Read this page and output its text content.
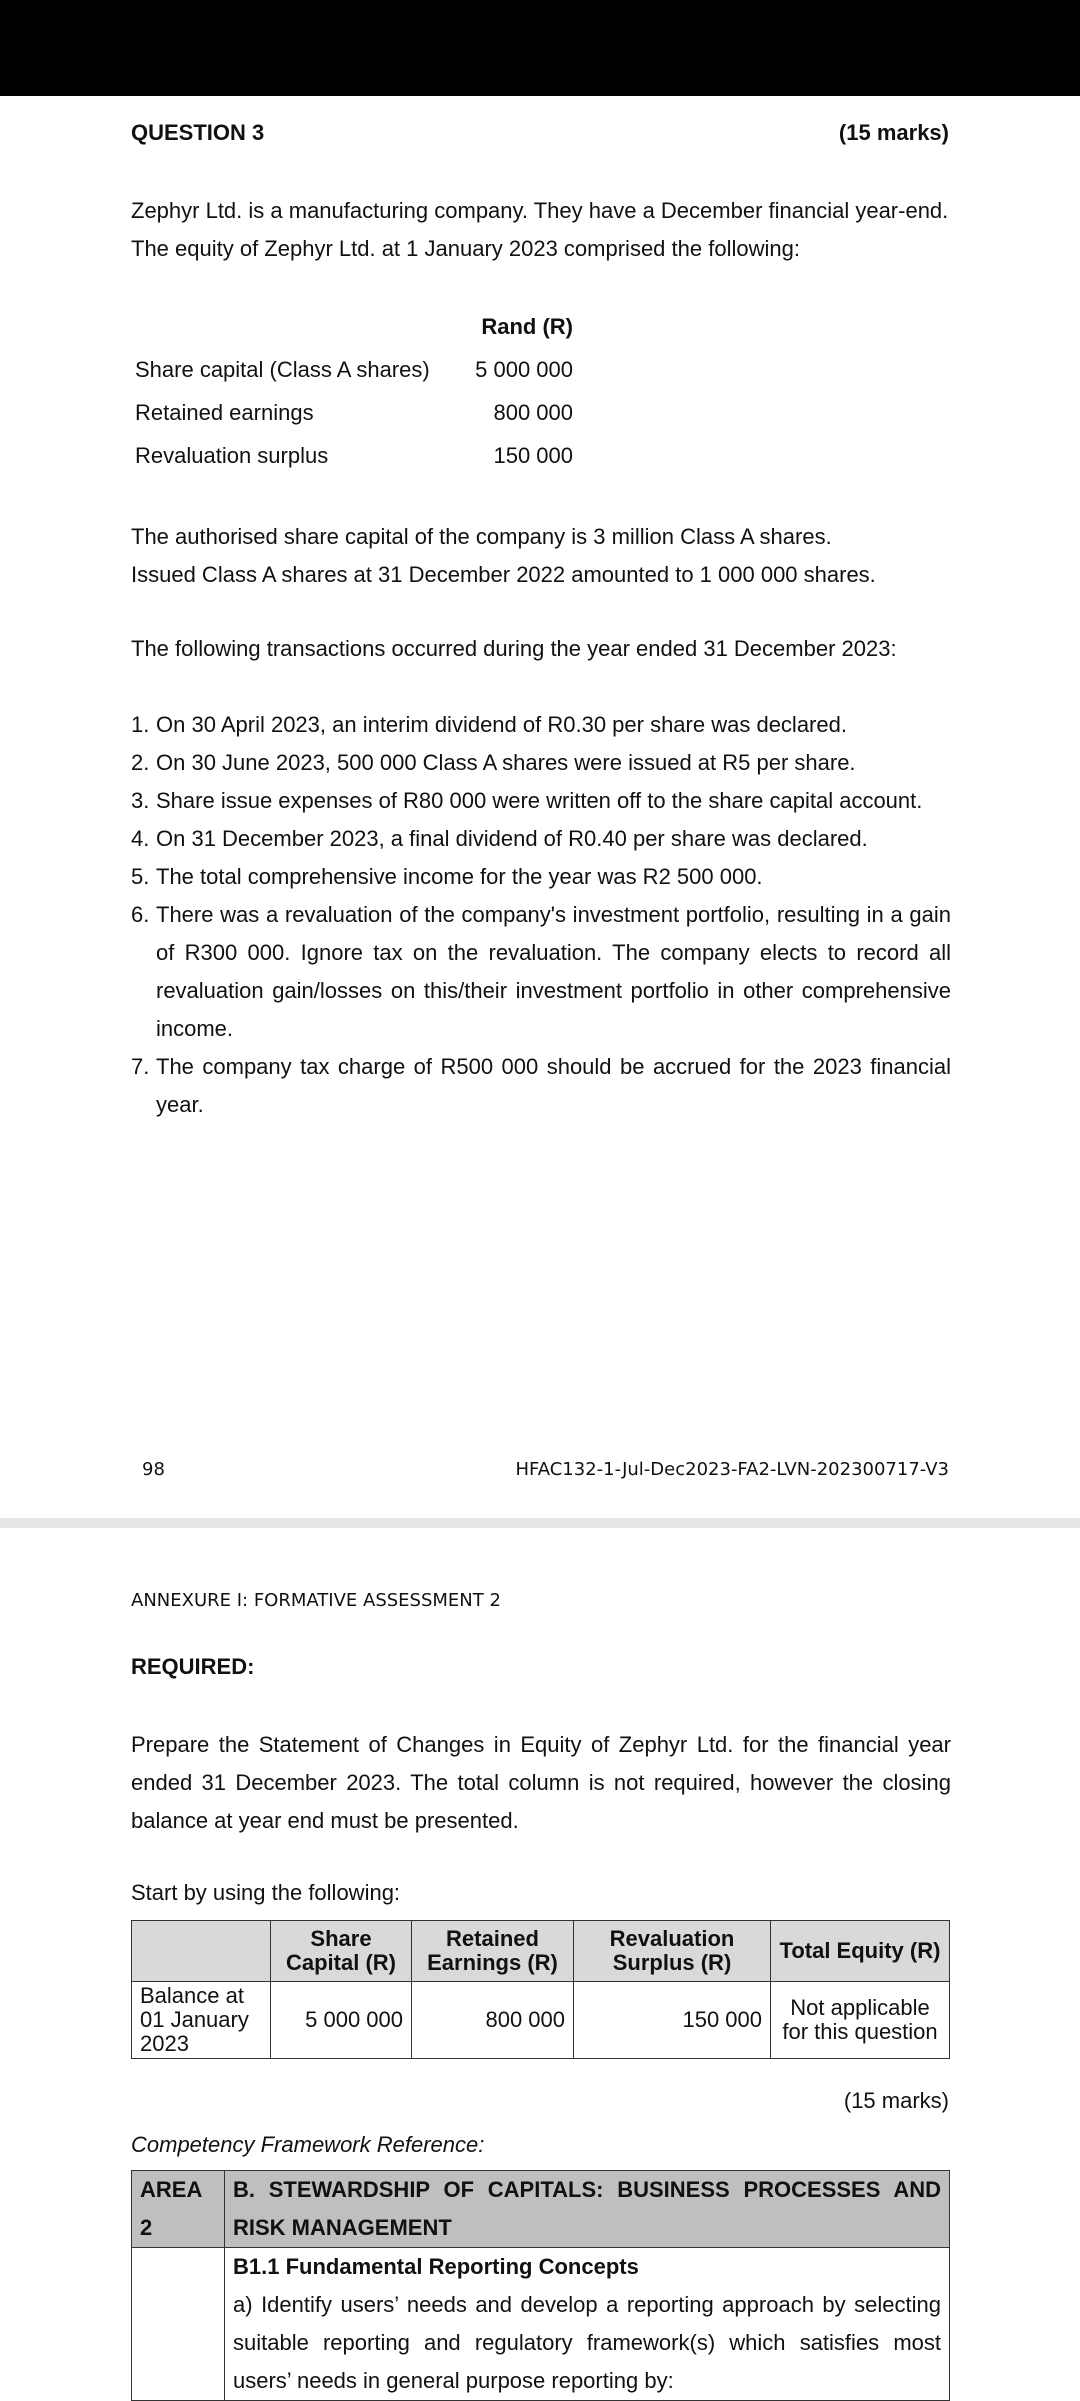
QUESTION 3	(15 marks)
Zephyr Ltd. is a manufacturing company. They have a December financial year-end.
The equity of Zephyr Ltd. at 1 January 2023 comprised the following:
	Rand (R)
Share capital (Class A shares)	5 000 000
Retained earnings	800 000
Revaluation surplus	150 000
The authorised share capital of the company is 3 million Class A shares.
Issued Class A shares at 31 December 2022 amounted to 1 000 000 shares.
The following transactions occurred during the year ended 31 December 2023:
1. On 30 April 2023, an interim dividend of R0.30 per share was declared.
2. On 30 June 2023, 500 000 Class A shares were issued at R5 per share.
3. Share issue expenses of R80 000 were written off to the share capital account.
4. On 31 December 2023, a final dividend of R0.40 per share was declared.
5. The total comprehensive income for the year was R2 500 000.
6. There was a revaluation of the company's investment portfolio, resulting in a gain of R300 000. Ignore tax on the revaluation. The company elects to record all revaluation gain/losses on this/their investment portfolio in other comprehensive income.
7. The company tax charge of R500 000 should be accrued for the 2023 financial year.
98	HFAC132-1-Jul-Dec2023-FA2-LVN-202300717-V3
ANNEXURE I: FORMATIVE ASSESSMENT 2
REQUIRED:
Prepare the Statement of Changes in Equity of Zephyr Ltd. for the financial year ended 31 December 2023. The total column is not required, however the closing balance at year end must be presented.
Start by using the following:
	Share Capital (R)	Retained Earnings (R)	Revaluation Surplus (R)	Total Equity (R)
Balance at 01 January 2023	5 000 000	800 000	150 000	Not applicable for this question
(15 marks)
Competency Framework Reference:
AREA 2	B. STEWARDSHIP OF CAPITALS: BUSINESS PROCESSES AND RISK MANAGEMENT

	B1.1 Fundamental Reporting Concepts
a) Identify users’ needs and develop a reporting approach by selecting suitable reporting and regulatory framework(s) which satisfies most users’ needs in general purpose reporting by:
